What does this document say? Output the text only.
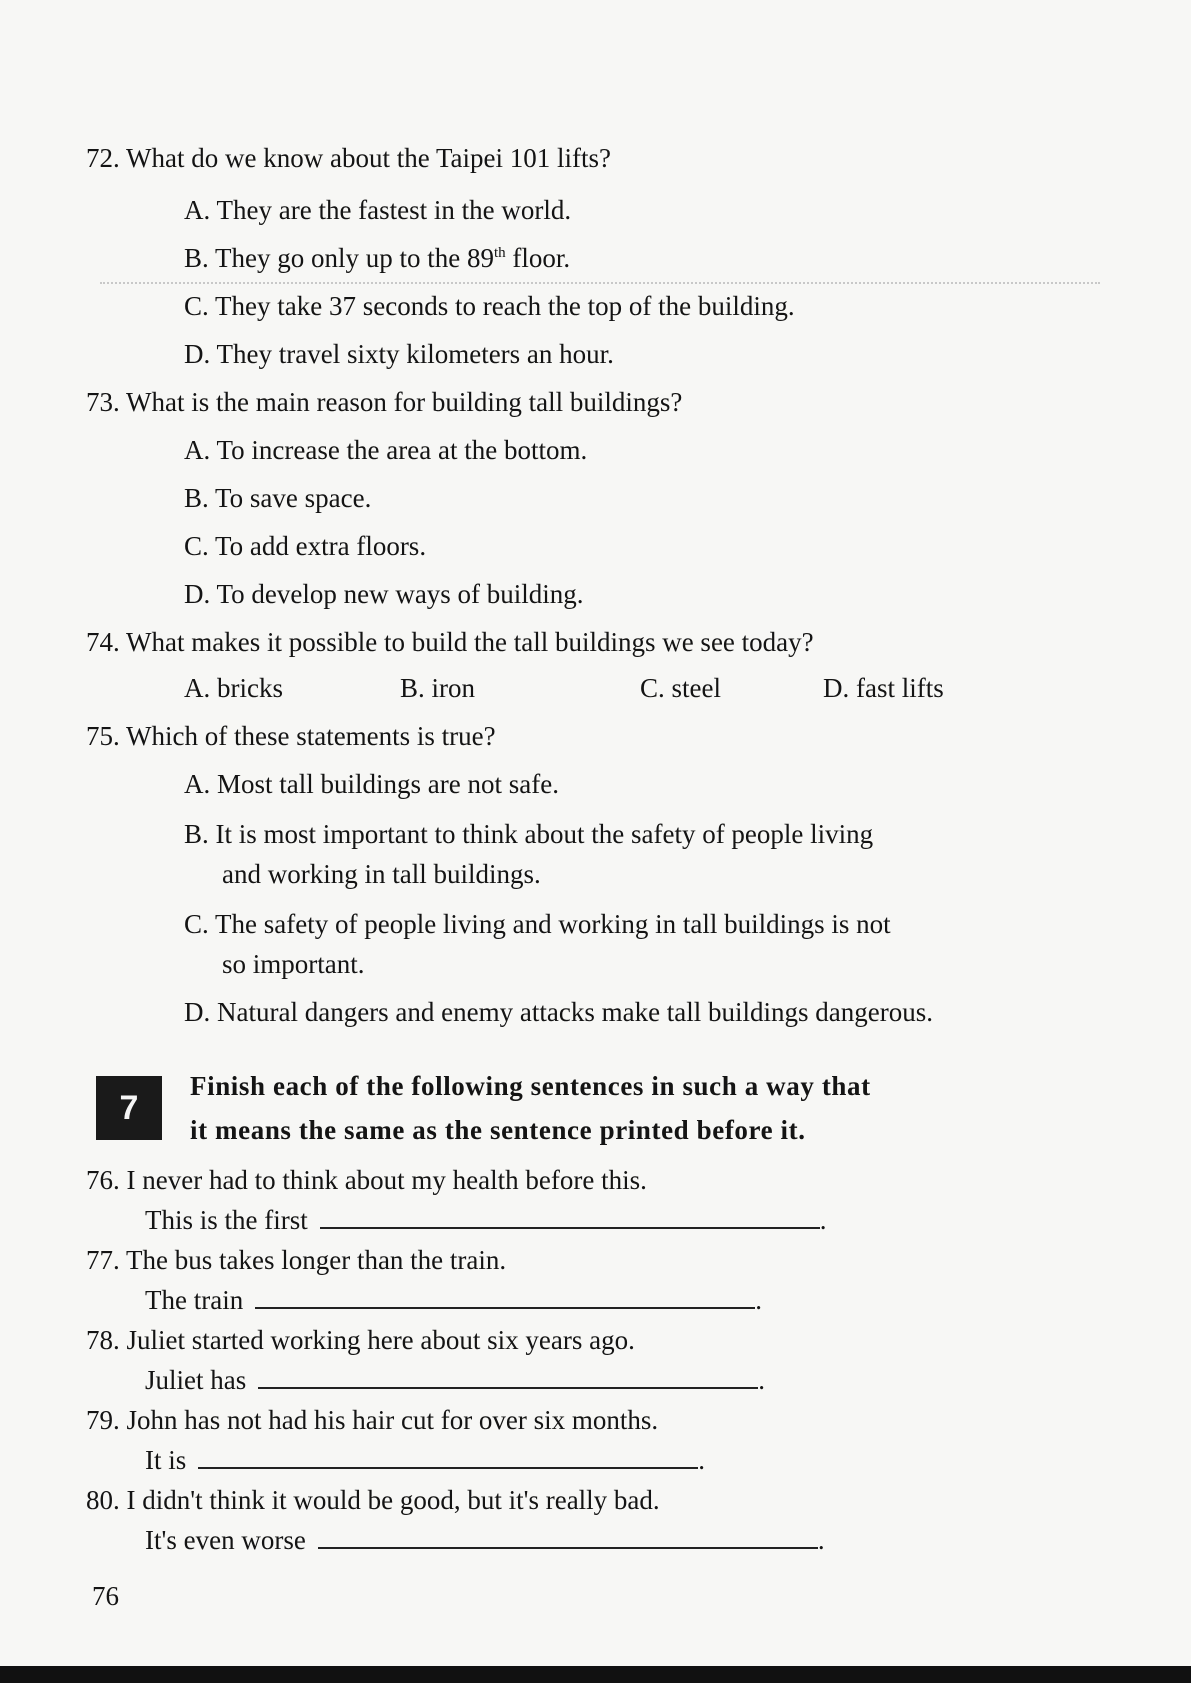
72. What do we know about the Taipei 101 lifts?
A. They are the fastest in the world.
B. They go only up to the 89th floor.
C. They take 37 seconds to reach the top of the building.
D. They travel sixty kilometers an hour.
73. What is the main reason for building tall buildings?
A. To increase the area at the bottom.
B. To save space.
C. To add extra floors.
D. To develop new ways of building.
74. What makes it possible to build the tall buildings we see today?
A. bricks	B. iron	C. steel	D. fast lifts
75. Which of these statements is true?
A. Most tall buildings are not safe.
B. It is most important to think about the safety of people living
and working in tall buildings.
C. The safety of people living and working in tall buildings is not
so important.
D. Natural dangers and enemy attacks make tall buildings dangerous.
7
Finish each of the following sentences in such a way that
it means the same as the sentence printed before it.
76. I never had to think about my health before this.
This is the first	.
77. The bus takes longer than the train.
The train	.
78. Juliet started working here about six years ago.
Juliet has	.
79. John has not had his hair cut for over six months.
It is	.
80. I didn't think it would be good, but it's really bad.
It's even worse	.
76
